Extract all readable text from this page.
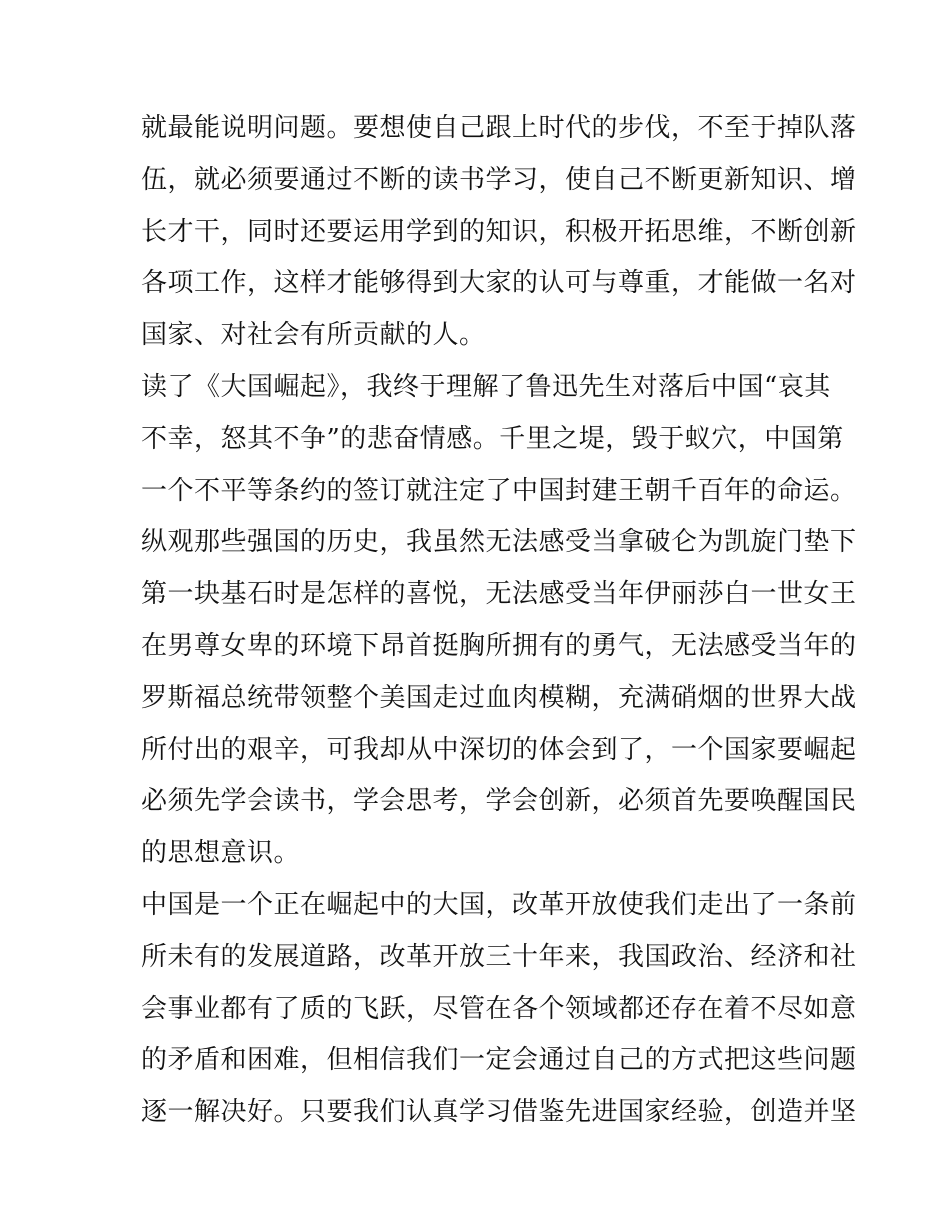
就最能说明问题。要想使自己跟上时代的步伐，不至于掉队落
伍，就必须要通过不断的读书学习，使自己不断更新知识、增
长才干，同时还要运用学到的知识，积极开拓思维，不断创新
各项工作，这样才能够得到大家的认可与尊重，才能做一名对
国家、对社会有所贡献的人。
读了《大国崛起》，我终于理解了鲁迅先生对落后中国“哀其
不幸，怒其不争”的悲奋情感。千里之堤，毁于蚁穴，中国第
一个不平等条约的签订就注定了中国封建王朝千百年的命运。
纵观那些强国的历史，我虽然无法感受当拿破仑为凯旋门垫下
第一块基石时是怎样的喜悦，无法感受当年伊丽莎白一世女王
在男尊女卑的环境下昂首挺胸所拥有的勇气，无法感受当年的
罗斯福总统带领整个美国走过血肉模糊，充满硝烟的世界大战
所付出的艰辛，可我却从中深切的体会到了，一个国家要崛起
必须先学会读书，学会思考，学会创新，必须首先要唤醒国民
的思想意识。
中国是一个正在崛起中的大国，改革开放使我们走出了一条前
所未有的发展道路，改革开放三十年来，我国政治、经济和社
会事业都有了质的飞跃，尽管在各个领域都还存在着不尽如意
的矛盾和困难，但相信我们一定会通过自己的方式把这些问题
逐一解决好。只要我们认真学习借鉴先进国家经验，创造并坚
